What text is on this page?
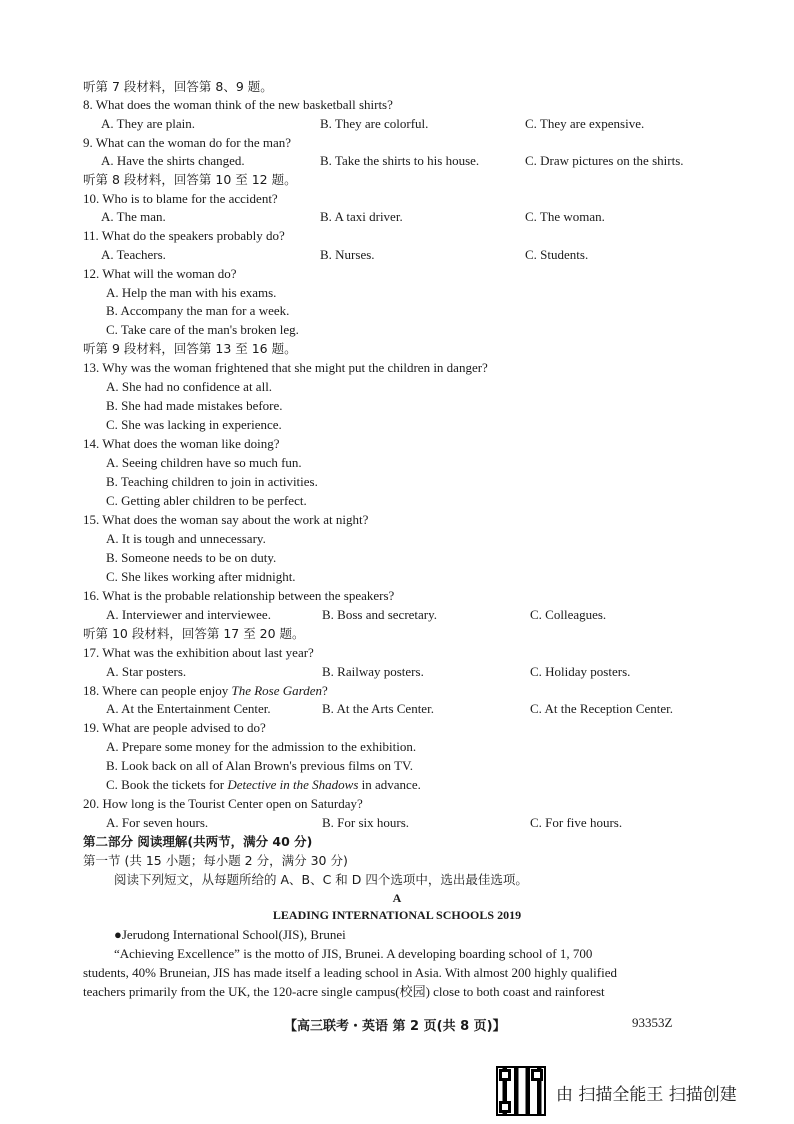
听第 7 段材料，回答第 8、9 题。
8. What does the woman think of the new basketball shirts?
A. They are plain.	B. They are colorful.	C. They are expensive.
9. What can the woman do for the man?
A. Have the shirts changed.	B. Take the shirts to his house.	C. Draw pictures on the shirts.
听第 8 段材料，回答第 10 至 12 题。
10. Who is to blame for the accident?
A. The man.	B. A taxi driver.	C. The woman.
11. What do the speakers probably do?
A. Teachers.	B. Nurses.	C. Students.
12. What will the woman do?
A. Help the man with his exams.
B. Accompany the man for a week.
C. Take care of the man's broken leg.
听第 9 段材料，回答第 13 至 16 题。
13. Why was the woman frightened that she might put the children in danger?
A. She had no confidence at all.
B. She had made mistakes before.
C. She was lacking in experience.
14. What does the woman like doing?
A. Seeing children have so much fun.
B. Teaching children to join in activities.
C. Getting abler children to be perfect.
15. What does the woman say about the work at night?
A. It is tough and unnecessary.
B. Someone needs to be on duty.
C. She likes working after midnight.
16. What is the probable relationship between the speakers?
A. Interviewer and interviewee.	B. Boss and secretary.	C. Colleagues.
听第 10 段材料，回答第 17 至 20 题。
17. What was the exhibition about last year?
A. Star posters.	B. Railway posters.	C. Holiday posters.
18. Where can people enjoy The Rose Garden?
A. At the Entertainment Center.	B. At the Arts Center.	C. At the Reception Center.
19. What are people advised to do?
A. Prepare some money for the admission to the exhibition.
B. Look back on all of Alan Brown's previous films on TV.
C. Book the tickets for Detective in the Shadows in advance.
20. How long is the Tourist Center open on Saturday?
A. For seven hours.	B. For six hours.	C. For five hours.
第二部分 阅读理解(共两节，满分 40 分)
第一节 (共 15 小题；每小题 2 分，满分 30 分)
阅读下列短文，从每题所给的 A、B、C 和 D 四个选项中，选出最佳选项。
A
LEADING INTERNATIONAL SCHOOLS 2019
●Jerudong International School(JIS), Brunei
“Achieving Excellence” is the motto of JIS, Brunei. A developing boarding school of 1, 700
students, 40% Bruneian, JIS has made itself a leading school in Asia. With almost 200 highly qualified
teachers primarily from the UK, the 120-acre single campus(校园) close to both coast and rainforest
【高三联考・英语 第 2 页(共 8 页)】	93353Z
由 扫描全能王 扫描创建
